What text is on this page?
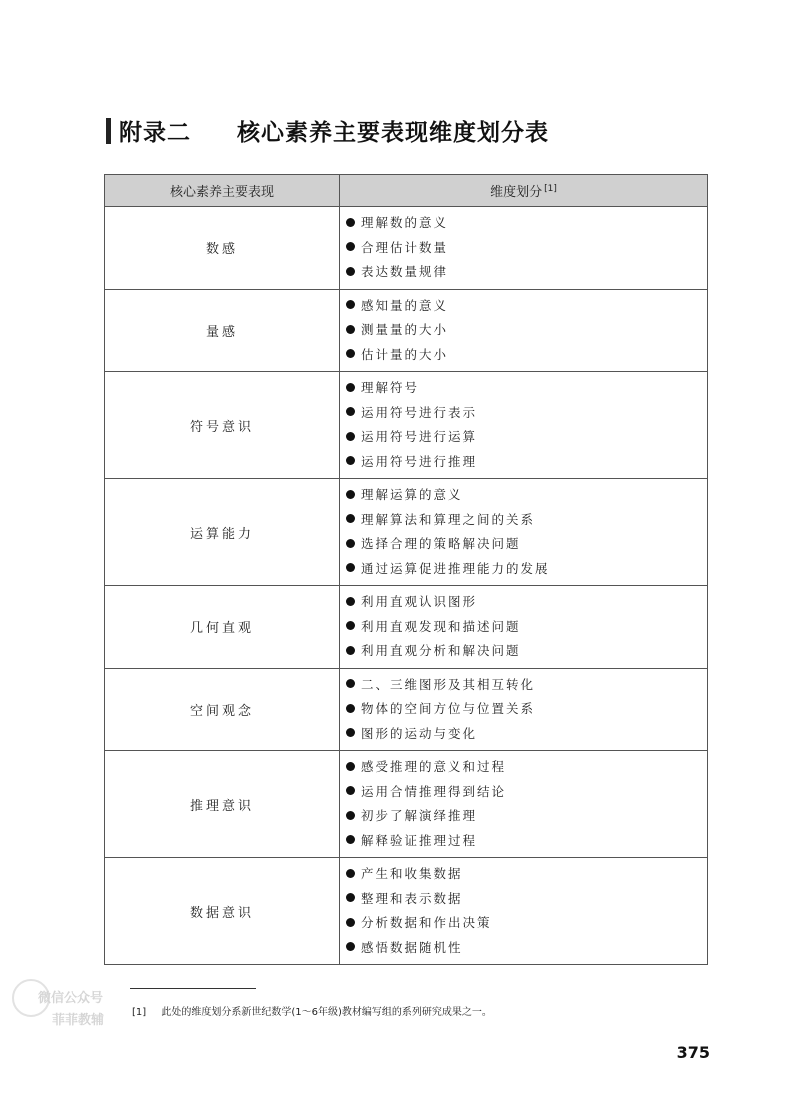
附录二 核心素养主要表现维度划分表
核心素养主要表现	维度划分 [1]
数感	理解数的意义
合理估计数量
表达数量规律

量感	感知量的意义
测量量的大小
估计量的大小

符号意识	理解符号
运用符号进行表示
运用符号进行运算
运用符号进行推理

运算能力	理解运算的意义
理解算法和算理之间的关系
选择合理的策略解决问题
通过运算促进推理能力的发展

几何直观	利用直观认识图形
利用直观发现和描述问题
利用直观分析和解决问题

空间观念	二、三维图形及其相互转化
物体的空间方位与位置关系
图形的运动与变化

推理意识	感受推理的意义和过程
运用合情推理得到结论
初步了解演绎推理
解释验证推理过程

数据意识	产生和收集数据
整理和表示数据
分析数据和作出决策
感悟数据随机性
[1] 此处的维度划分系新世纪数学(1～6年级)教材编写组的系列研究成果之一。
微信公众号
菲菲教辅
375
